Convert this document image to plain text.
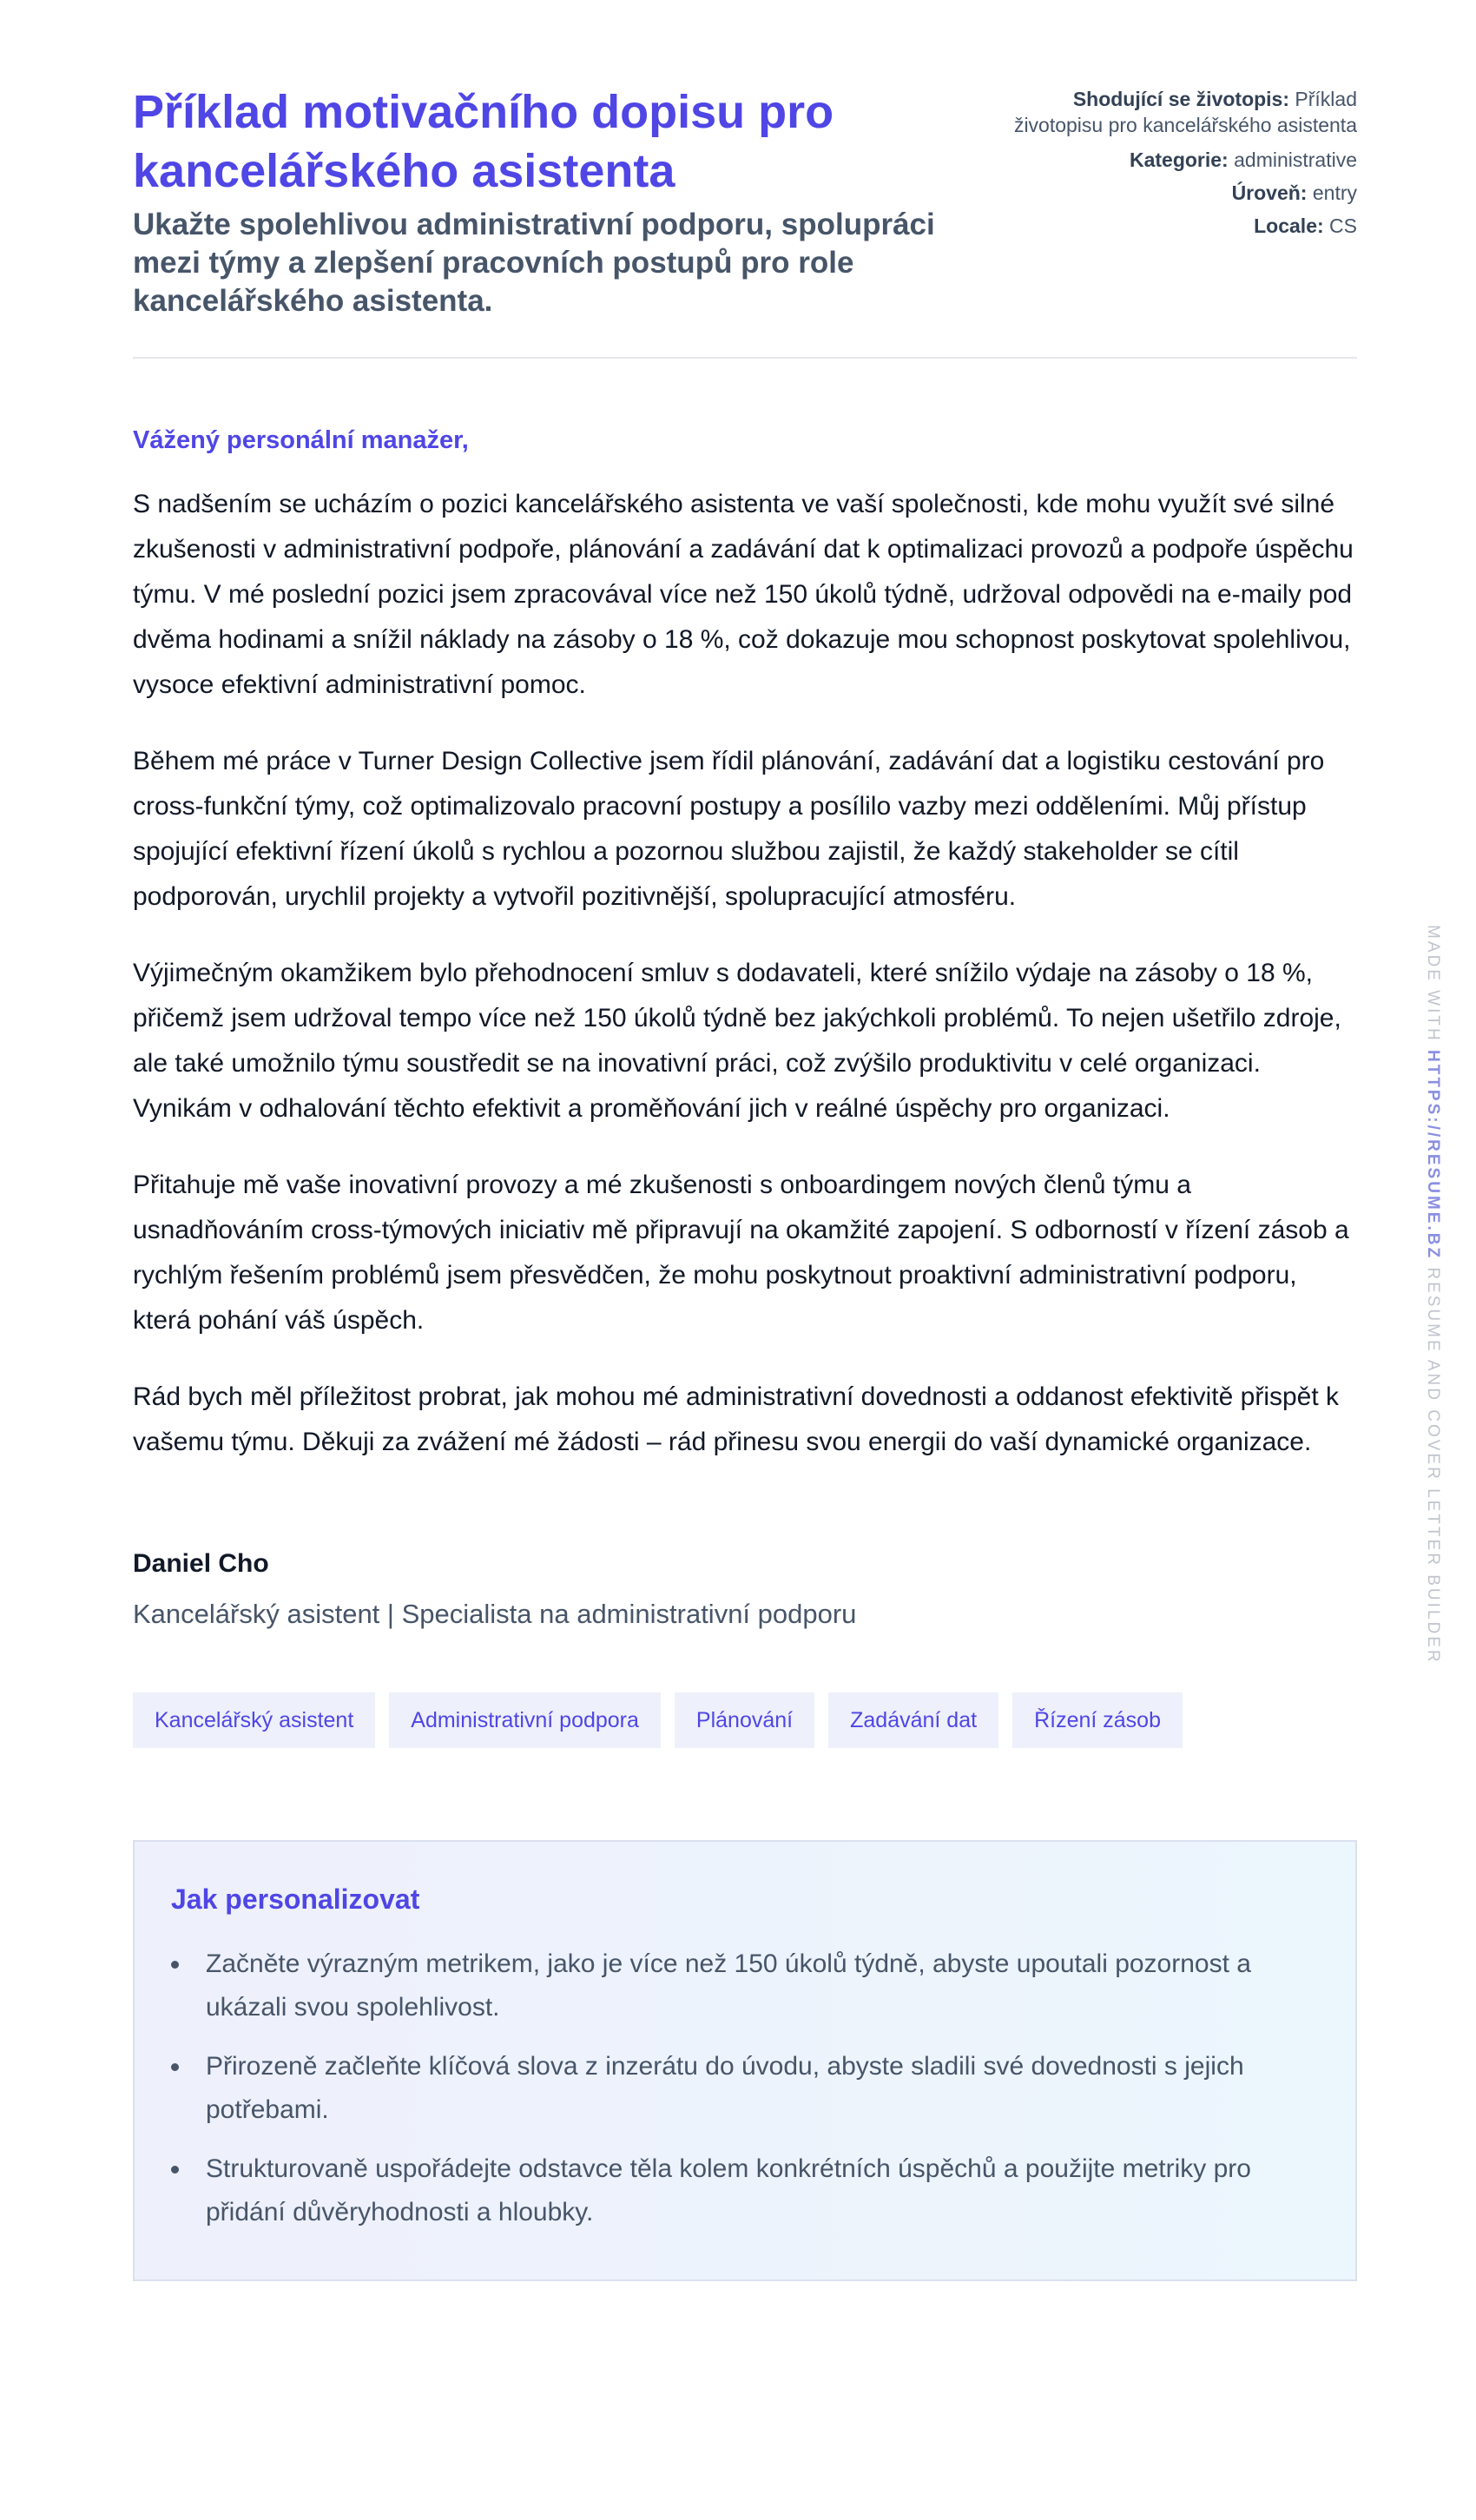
Příklad motivačního dopisu pro kancelářského asistenta

Ukažte spolehlivou administrativní podporu, spolupráci mezi týmy a zlepšení pracovních postupů pro role kancelářského asistenta.

Shodující se životopis: Příklad životopisu pro kancelářského asistenta
Kategorie: administrative
Úroveň: entry
Locale: CS
Vážený personální manažer,

S nadšením se ucházím o pozici kancelářského asistenta ve vaší společnosti, kde mohu využít své silné zkušenosti v administrativní podpoře, plánování a zadávání dat k optimalizaci provozů a podpoře úspěchu týmu. V mé poslední pozici jsem zpracovával více než 150 úkolů týdně, udržoval odpovědi na e-maily pod dvěma hodinami a snížil náklady na zásoby o 18 %, což dokazuje mou schopnost poskytovat spolehlivou, vysoce efektivní administrativní pomoc.

Během mé práce v Turner Design Collective jsem řídil plánování, zadávání dat a logistiku cestování pro cross-funkční týmy, což optimalizovalo pracovní postupy a posílilo vazby mezi odděleními. Můj přístup spojující efektivní řízení úkolů s rychlou a pozornou službou zajistil, že každý stakeholder se cítil podporován, urychlil projekty a vytvořil pozitivnější, spolupracující atmosféru.

Výjimečným okamžikem bylo přehodnocení smluv s dodavateli, které snížilo výdaje na zásoby o 18 %, přičemž jsem udržoval tempo více než 150 úkolů týdně bez jakýchkoli problémů. To nejen ušetřilo zdroje, ale také umožnilo týmu soustředit se na inovativní práci, což zvýšilo produktivitu v celé organizaci. Vynikám v odhalování těchto efektivit a proměňování jich v reálné úspěchy pro organizaci.

Přitahuje mě vaše inovativní provozy a mé zkušenosti s onboardingem nových členů týmu a usnadňováním cross-týmových iniciativ mě připravují na okamžité zapojení. S odborností v řízení zásob a rychlým řešením problémů jsem přesvědčen, že mohu poskytnout proaktivní administrativní podporu, která pohání váš úspěch.

Rád bych měl příležitost probrat, jak mohou mé administrativní dovednosti a oddanost efektivitě přispět k vašemu týmu. Děkuji za zvážení mé žádosti – rád přinesu svou energii do vaší dynamické organizace.

Daniel Cho
Kancelářský asistent | Specialista na administrativní podporu
Kancelářský asistent	Administrativní podpora	Plánování	Zadávání dat	Řízení zásob
Jak personalizovat
Začněte výrazným metrikem, jako je více než 150 úkolů týdně, abyste upoutali pozornost a ukázali svou spolehlivost.
Přirozeně začleňte klíčová slova z inzerátu do úvodu, abyste sladili své dovednosti s jejich potřebami.
Strukturovaně uspořádejte odstavce těla kolem konkrétních úspěchů a použijte metriky pro přidání důvěryhodnosti a hloubky.
MADE WITH HTTPS://RESUME.BZ RESUME AND COVER LETTER BUILDER
